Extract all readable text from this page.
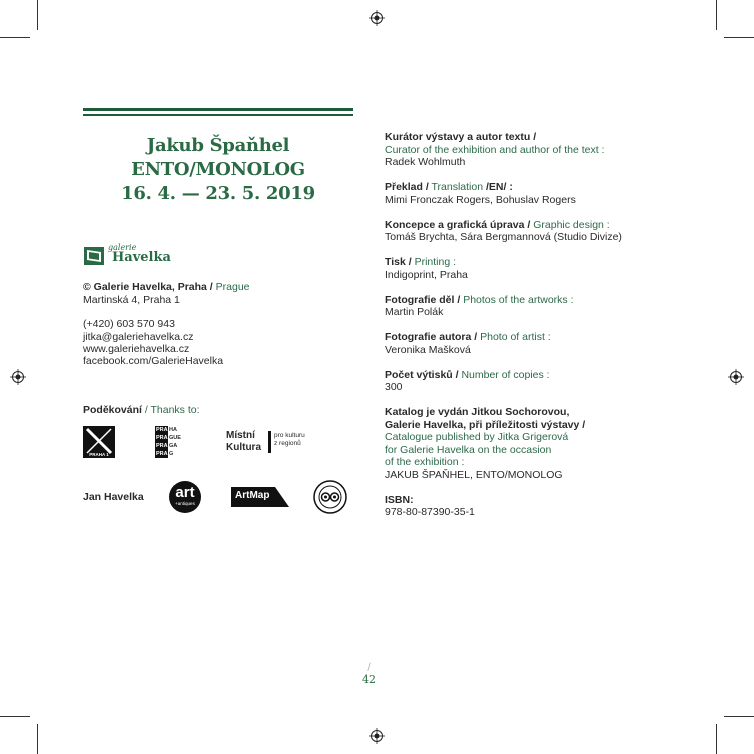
Jakub Špaňhel
ENTO/MONOLOG
16. 4. — 23. 5. 2019
galerie
Havelka
© Galerie Havelka, Praha / Prague
Martinská 4, Praha 1
(+420) 603 570 943
jitka@galeriehavelka.cz
www.galeriehavelka.cz
facebook.com/GalerieHavelka
Poděkování / Thanks to:
PRAHA 1
PRA HA
PRA GUE
PRA GA
PRA G
Místní
Kultura
pro kulturu
z regionů
Jan Havelka	art
+antiques
ArtMap
Kurátor výstavy a autor textu /
Curator of the exhibition and author of the text :
Radek Wohlmuth
Překlad / Translation /EN/ :
Mimi Fronczak Rogers, Bohuslav Rogers
Koncepce a grafická úprava / Graphic design :
Tomáš Brychta, Sára Bergmannová (Studio Divize)
Tisk / Printing :
Indigoprint, Praha
Fotografie děl / Photos of the artworks :
Martin Polák
Fotografie autora / Photo of artist :
Veronika Mašková
Počet výtisků / Number of copies :
300
Katalog je vydán Jitkou Sochorovou,
Galerie Havelka, při příležitosti výstavy /
Catalogue published by Jitka Grigerová
for Galerie Havelka on the occasion
of the exhibition :
JAKUB ŠPAŇHEL, ENTO/MONOLOG
ISBN:
978-80-87390-35-1
/
42
